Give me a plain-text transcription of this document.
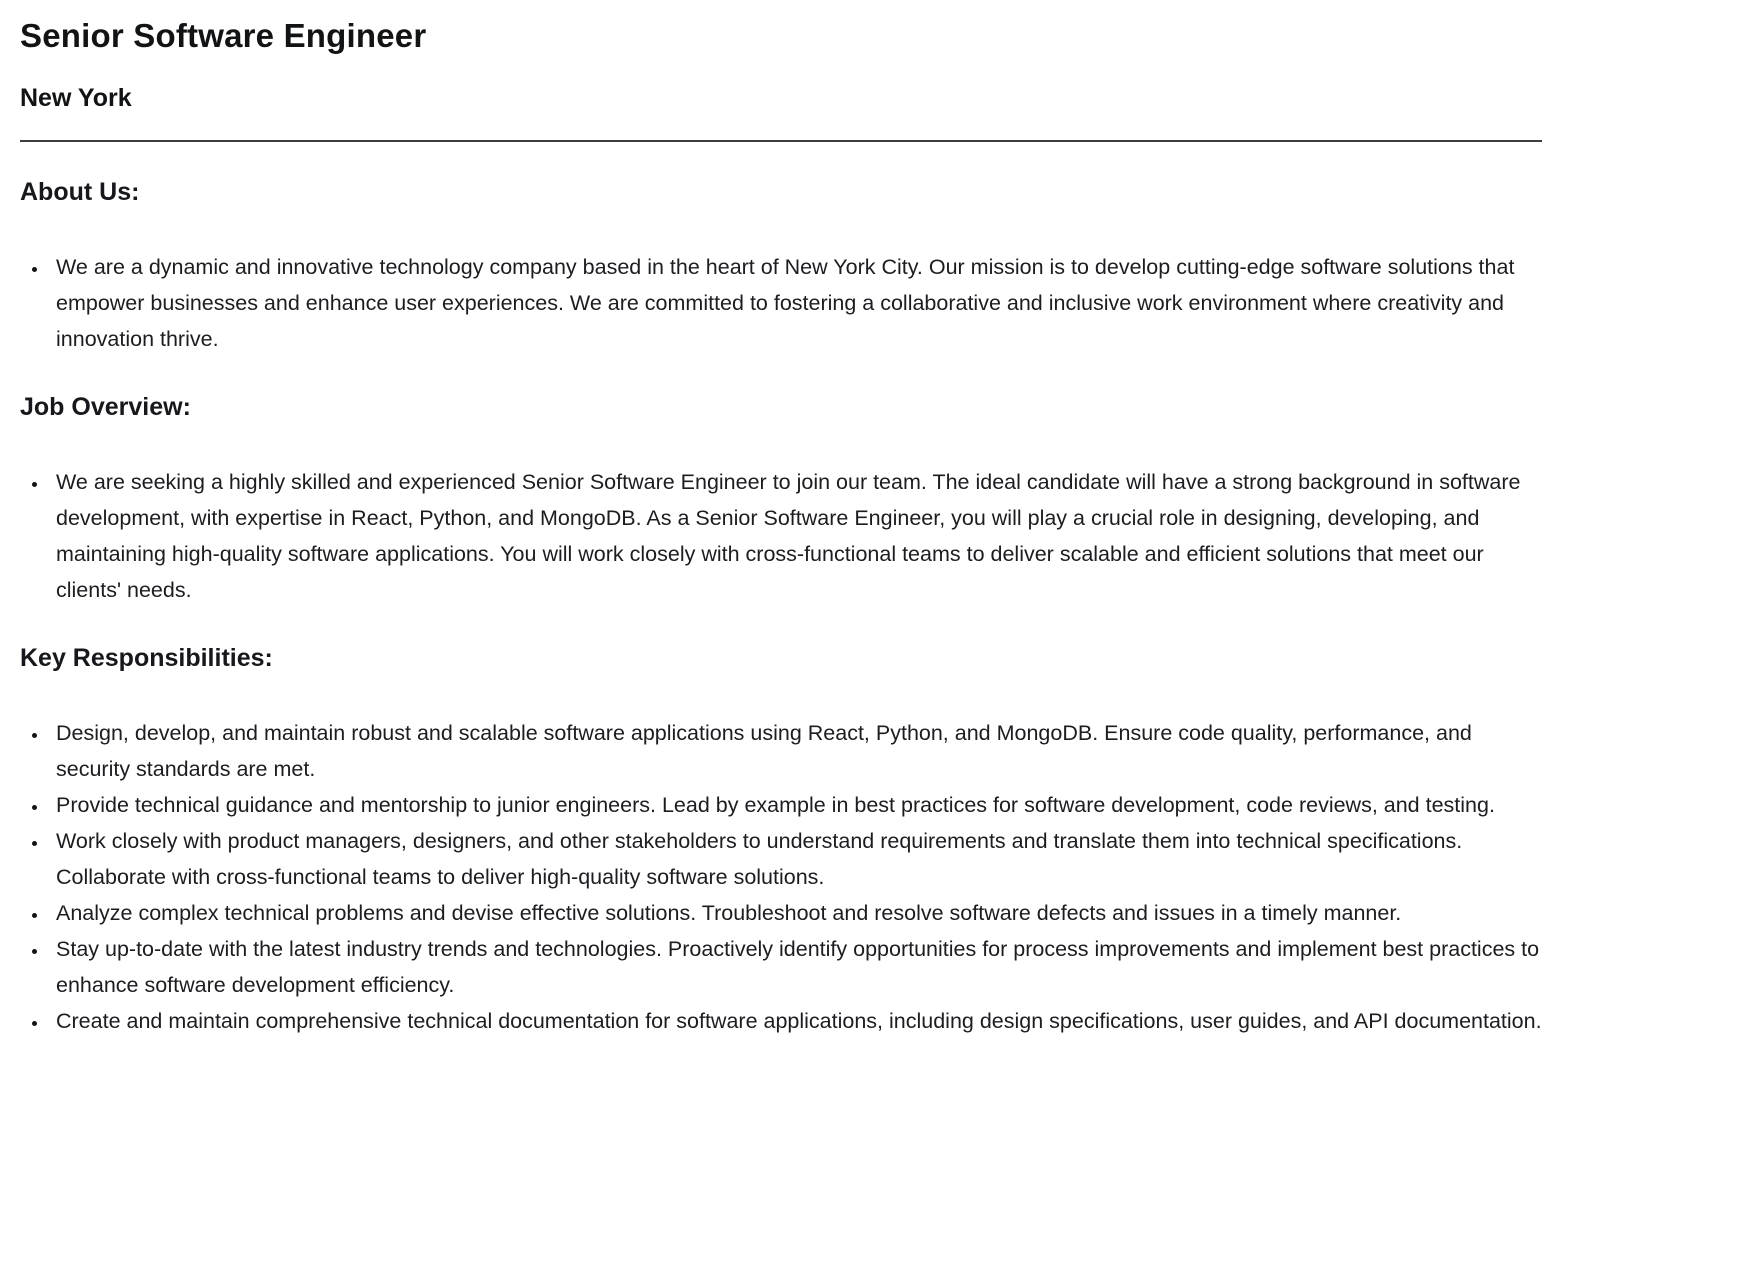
Senior Software Engineer
New York
About Us:
• We are a dynamic and innovative technology company based in the heart of New York City. Our mission is to develop cutting-edge software solutions that empower businesses and enhance user experiences. We are committed to fostering a collaborative and inclusive work environment where creativity and innovation thrive.
Job Overview:
• We are seeking a highly skilled and experienced Senior Software Engineer to join our team. The ideal candidate will have a strong background in software development, with expertise in React, Python, and MongoDB. As a Senior Software Engineer, you will play a crucial role in designing, developing, and maintaining high-quality software applications. You will work closely with cross-functional teams to deliver scalable and efficient solutions that meet our clients' needs.
Key Responsibilities:
• Design, develop, and maintain robust and scalable software applications using React, Python, and MongoDB. Ensure code quality, performance, and security standards are met.
• Provide technical guidance and mentorship to junior engineers. Lead by example in best practices for software development, code reviews, and testing.
• Work closely with product managers, designers, and other stakeholders to understand requirements and translate them into technical specifications. Collaborate with cross-functional teams to deliver high-quality software solutions.
• Analyze complex technical problems and devise effective solutions. Troubleshoot and resolve software defects and issues in a timely manner.
• Stay up-to-date with the latest industry trends and technologies. Proactively identify opportunities for process improvements and implement best practices to enhance software development efficiency.
• Create and maintain comprehensive technical documentation for software applications, including design specifications, user guides, and API documentation.
